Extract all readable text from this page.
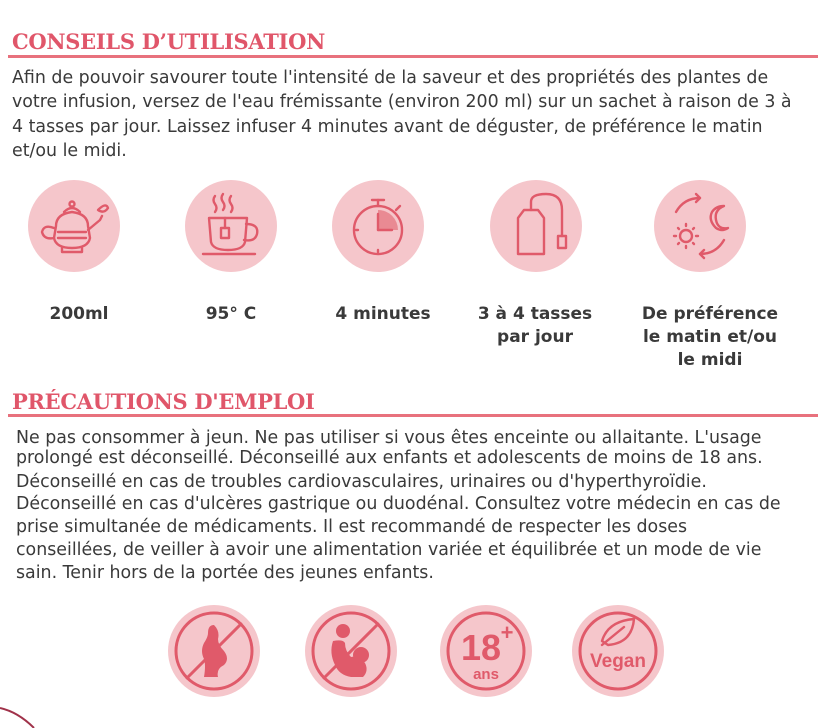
CONSEILS D’UTILISATION

Afin de pouvoir savourer toute l'intensité de la saveur et des propriétés des plantes de

votre infusion, versez de l'eau frémissante (environ 200 ml) sur un sachet à raison de 3 à

4 tasses par jour. Laissez infuser 4 minutes avant de déguster, de préférence le matin

et/ou le midi.

200ml	95° C	4 minutes	3 à 4 tasses
par jour
De préférence
le matin et/ou
le midi
PRÉCAUTIONS D'EMPLOI

Ne pas consommer à jeun. Ne pas utiliser si vous êtes enceinte ou allaitante. L'usage

prolongé est déconseillé. Déconseillé aux enfants et adolescents de moins de 18 ans.

Déconseillé en cas de troubles cardiovasculaires, urinaires ou d'hyperthyroïdie.

Déconseillé en cas d'ulcères gastrique ou duodénal. Consultez votre médecin en cas de

prise simultanée de médicaments. Il est recommandé de respecter les doses

conseillées, de veiller à avoir une alimentation variée et équilibrée et un mode de vie

sain. Tenir hors de la portée des jeunes enfants.

18 +
ans
Vegan
